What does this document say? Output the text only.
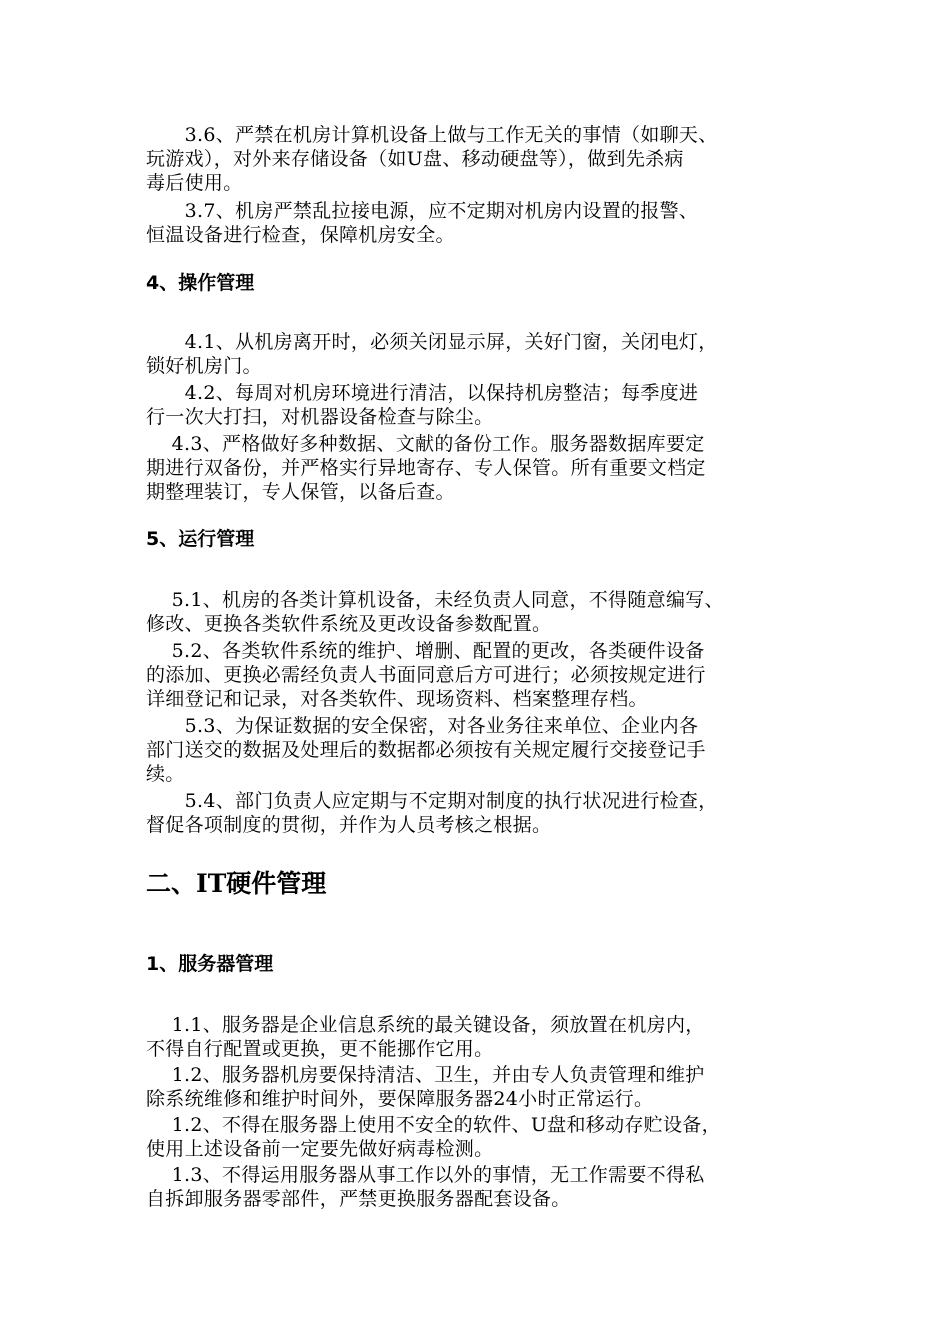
　　3.6、严禁在机房计算机设备上做与工作无关的事情（如聊天、
玩游戏），对外来存储设备（如U盘、移动硬盘等），做到先杀病
毒后使用。
　　3.7、机房严禁乱拉接电源，应不定期对机房内设置的报警、
恒温设备进行检查，保障机房安全。
4、操作管理
　　4.1、从机房离开时，必须关闭显示屏，关好门窗，关闭电灯，
锁好机房门。
　　4.2、每周对机房环境进行清洁，以保持机房整洁；每季度进
行一次大打扫，对机器设备检查与除尘。
　 4.3、严格做好多种数据、文献的备份工作。服务器数据库要定
期进行双备份，并严格实行异地寄存、专人保管。所有重要文档定
期整理装订，专人保管，以备后查。
5、运行管理
　 5.1、机房的各类计算机设备，未经负责人同意，不得随意编写、
修改、更换各类软件系统及更改设备参数配置。
　 5.2、各类软件系统的维护、增删、配置的更改，各类硬件设备
的添加、更换必需经负责人书面同意后方可进行；必须按规定进行
详细登记和记录，对各类软件、现场资料、档案整理存档。
　　5.3、为保证数据的安全保密，对各业务往来单位、企业内各
部门送交的数据及处理后的数据都必须按有关规定履行交接登记手
续。
　　5.4、部门负责人应定期与不定期对制度的执行状况进行检查，
督促各项制度的贯彻，并作为人员考核之根据。
二、IT硬件管理
1、服务器管理
　 1.1、服务器是企业信息系统的最关键设备，须放置在机房内，
不得自行配置或更换，更不能挪作它用。
　 1.2、服务器机房要保持清洁、卫生，并由专人负责管理和维护
除系统维修和维护时间外，要保障服务器24小时正常运行。
　 1.2、不得在服务器上使用不安全的软件、U盘和移动存贮设备，
使用上述设备前一定要先做好病毒检测。
　 1.3、不得运用服务器从事工作以外的事情，无工作需要不得私
自拆卸服务器零部件，严禁更换服务器配套设备。
